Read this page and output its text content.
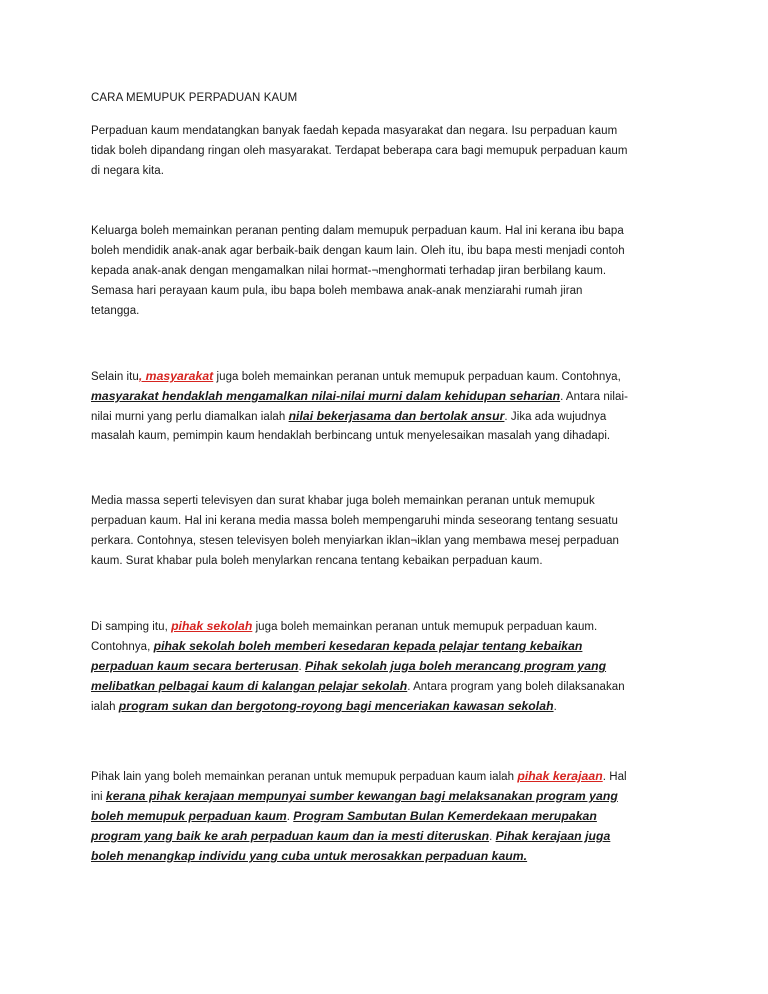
CARA MEMUPUK PERPADUAN KAUM
Perpaduan kaum mendatangkan banyak faedah kepada masyarakat dan negara. Isu perpaduan kaum
tidak boleh dipandang ringan oleh masyarakat. Terdapat beberapa cara bagi memupuk perpaduan kaum
di negara kita.
Keluarga boleh memainkan peranan penting dalam memupuk perpaduan kaum. Hal ini kerana ibu bapa
boleh mendidik anak-anak agar berbaik-baik dengan kaum lain. Oleh itu, ibu bapa mesti menjadi contoh
kepada anak-anak dengan mengamalkan nilai hormat-¬menghormati terhadap jiran berbilang kaum.
Semasa hari perayaan kaum pula, ibu bapa boleh membawa anak-anak menziarahi rumah jiran
tetangga.
Selain itu, masyarakat juga boleh memainkan peranan untuk memupuk perpaduan kaum. Contohnya,
masyarakat hendaklah mengamalkan nilai-nilai murni dalam kehidupan seharian. Antara nilai-
nilai murni yang perlu diamalkan ialah nilai bekerjasama dan bertolak ansur. Jika ada wujudnya
masalah kaum, pemimpin kaum hendaklah berbincang untuk menyelesaikan masalah yang dihadapi.
Media massa seperti televisyen dan surat khabar juga boleh memainkan peranan untuk memupuk
perpaduan kaum. Hal ini kerana media massa boleh mempengaruhi minda seseorang tentang sesuatu
perkara. Contohnya, stesen televisyen boleh menyiarkan iklan¬iklan yang membawa mesej perpaduan
kaum. Surat khabar pula boleh menylarkan rencana tentang kebaikan perpaduan kaum.
Di samping itu, pihak sekolah juga boleh memainkan peranan untuk memupuk perpaduan kaum.
Contohnya, pihak sekolah boleh memberi kesedaran kepada pelajar tentang kebaikan
perpaduan kaum secara berterusan. Pihak sekolah juga boleh merancang program yang
melibatkan pelbagai kaum di kalangan pelajar sekolah. Antara program yang boleh dilaksanakan
ialah program sukan dan bergotong-royong bagi menceriakan kawasan sekolah.
Pihak lain yang boleh memainkan peranan untuk memupuk perpaduan kaum ialah pihak kerajaan. Hal
ini kerana pihak kerajaan mempunyai sumber kewangan bagi melaksanakan program yang
boleh memupuk perpaduan kaum. Program Sambutan Bulan Kemerdekaan merupakan
program yang baik ke arah perpaduan kaum dan ia mesti diteruskan. Pihak kerajaan juga
boleh menangkap individu yang cuba untuk merosakkan perpaduan kaum.
